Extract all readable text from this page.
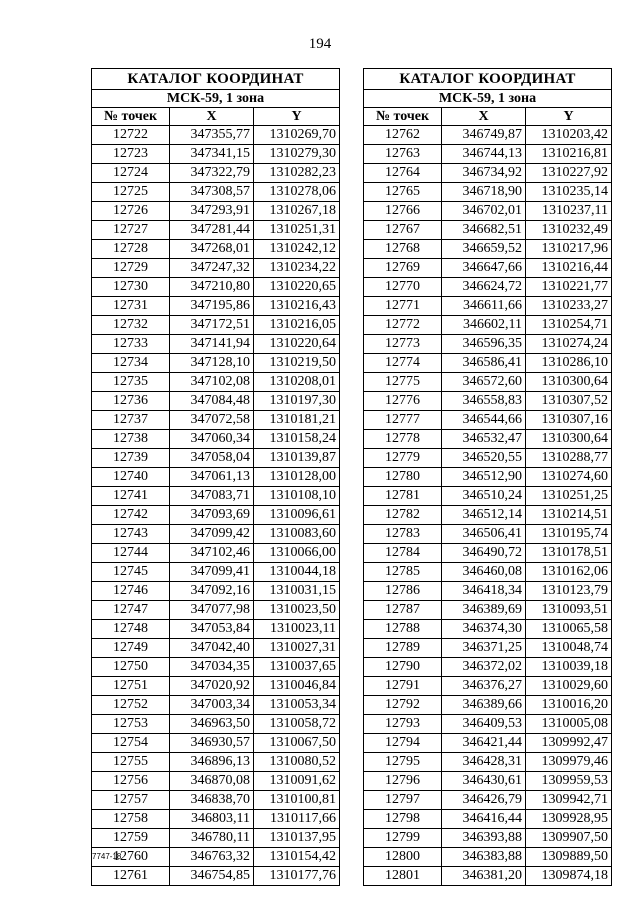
194
КАТАЛОГ КООРДИНАТ		
МСК-59, 1 зона		
№ точек	X	Y
12722	347355,77	1310269,70
12723	347341,15	1310279,30
12724	347322,79	1310282,23
12725	347308,57	1310278,06
12726	347293,91	1310267,18
12727	347281,44	1310251,31
12728	347268,01	1310242,12
12729	347247,32	1310234,22
12730	347210,80	1310220,65
12731	347195,86	1310216,43
12732	347172,51	1310216,05
12733	347141,94	1310220,64
12734	347128,10	1310219,50
12735	347102,08	1310208,01
12736	347084,48	1310197,30
12737	347072,58	1310181,21
12738	347060,34	1310158,24
12739	347058,04	1310139,87
12740	347061,13	1310128,00
12741	347083,71	1310108,10
12742	347093,69	1310096,61
12743	347099,42	1310083,60
12744	347102,46	1310066,00
12745	347099,41	1310044,18
12746	347092,16	1310031,15
12747	347077,98	1310023,50
12748	347053,84	1310023,11
12749	347042,40	1310027,31
12750	347034,35	1310037,65
12751	347020,92	1310046,84
12752	347003,34	1310053,34
12753	346963,50	1310058,72
12754	346930,57	1310067,50
12755	346896,13	1310080,52
12756	346870,08	1310091,62
12757	346838,70	1310100,81
12758	346803,11	1310117,66
12759	346780,11	1310137,95
12760	346763,32	1310154,42
12761	346754,85	1310177,76
КАТАЛОГ КООРДИНАТ		
МСК-59, 1 зона		
№ точек	X	Y
12762	346749,87	1310203,42
12763	346744,13	1310216,81
12764	346734,92	1310227,92
12765	346718,90	1310235,14
12766	346702,01	1310237,11
12767	346682,51	1310232,49
12768	346659,52	1310217,96
12769	346647,66	1310216,44
12770	346624,72	1310221,77
12771	346611,66	1310233,27
12772	346602,11	1310254,71
12773	346596,35	1310274,24
12774	346586,41	1310286,10
12775	346572,60	1310300,64
12776	346558,83	1310307,52
12777	346544,66	1310307,16
12778	346532,47	1310300,64
12779	346520,55	1310288,77
12780	346512,90	1310274,60
12781	346510,24	1310251,25
12782	346512,14	1310214,51
12783	346506,41	1310195,74
12784	346490,72	1310178,51
12785	346460,08	1310162,06
12786	346418,34	1310123,79
12787	346389,69	1310093,51
12788	346374,30	1310065,58
12789	346371,25	1310048,74
12790	346372,02	1310039,18
12791	346376,27	1310029,60
12792	346389,66	1310016,20
12793	346409,53	1310005,08
12794	346421,44	1309992,47
12795	346428,31	1309979,46
12796	346430,61	1309959,53
12797	346426,79	1309942,71
12798	346416,44	1309928,95
12799	346393,88	1309907,50
12800	346383,88	1309889,50
12801	346381,20	1309874,18
7747-18
